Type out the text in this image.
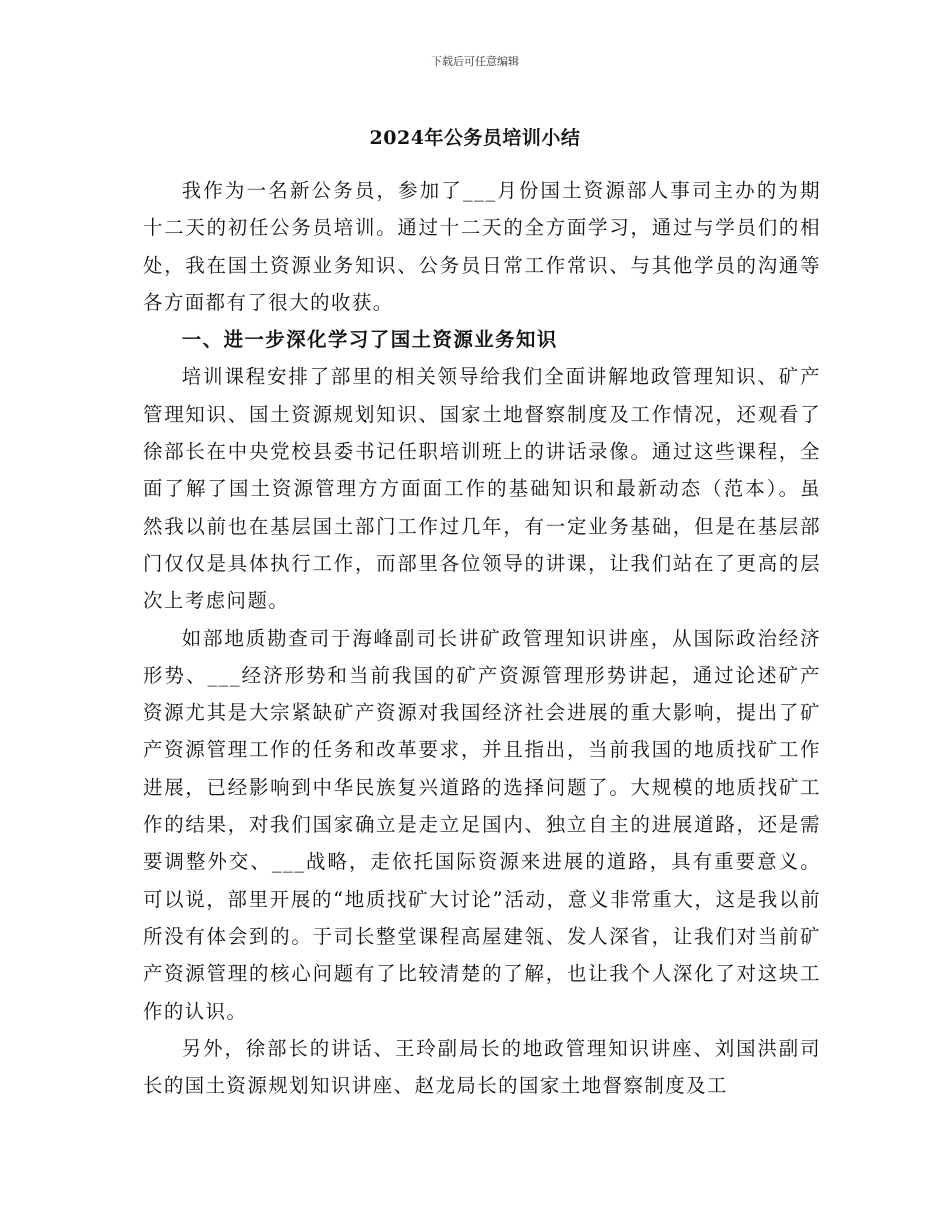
下载后可任意编辑
2024年公务员培训小结

我作为一名新公务员，参加了___月份国土资源部人事司主办的为期十二天的初任公务员培训。通过十二天的全方面学习，通过与学员们的相处，我在国土资源业务知识、公务员日常工作常识、与其他学员的沟通等各方面都有了很大的收获。

一、进一步深化学习了国土资源业务知识

培训课程安排了部里的相关领导给我们全面讲解地政管理知识、矿产管理知识、国土资源规划知识、国家土地督察制度及工作情况，还观看了徐部长在中央党校县委书记任职培训班上的讲话录像。通过这些课程，全面了解了国土资源管理方方面面工作的基础知识和最新动态（范本）。虽然我以前也在基层国土部门工作过几年，有一定业务基础，但是在基层部门仅仅是具体执行工作，而部里各位领导的讲课，让我们站在了更高的层次上考虑问题。

如部地质勘查司于海峰副司长讲矿政管理知识讲座，从国际政治经济形势、___经济形势和当前我国的矿产资源管理形势讲起，通过论述矿产资源尤其是大宗紧缺矿产资源对我国经济社会进展的重大影响，提出了矿产资源管理工作的任务和改革要求，并且指出，当前我国的地质找矿工作进展，已经影响到中华民族复兴道路的选择问题了。大规模的地质找矿工作的结果，对我们国家确立是走立足国内、独立自主的进展道路，还是需要调整外交、___战略，走依托国际资源来进展的道路，具有重要意义。可以说，部里开展的“地质找矿大讨论”活动，意义非常重大，这是我以前所没有体会到的。于司长整堂课程高屋建瓴、发人深省，让我们对当前矿产资源管理的核心问题有了比较清楚的了解，也让我个人深化了对这块工作的认识。

另外，徐部长的讲话、王玲副局长的地政管理知识讲座、刘国洪副司长的国土资源规划知识讲座、赵龙局长的国家土地督察制度及工
